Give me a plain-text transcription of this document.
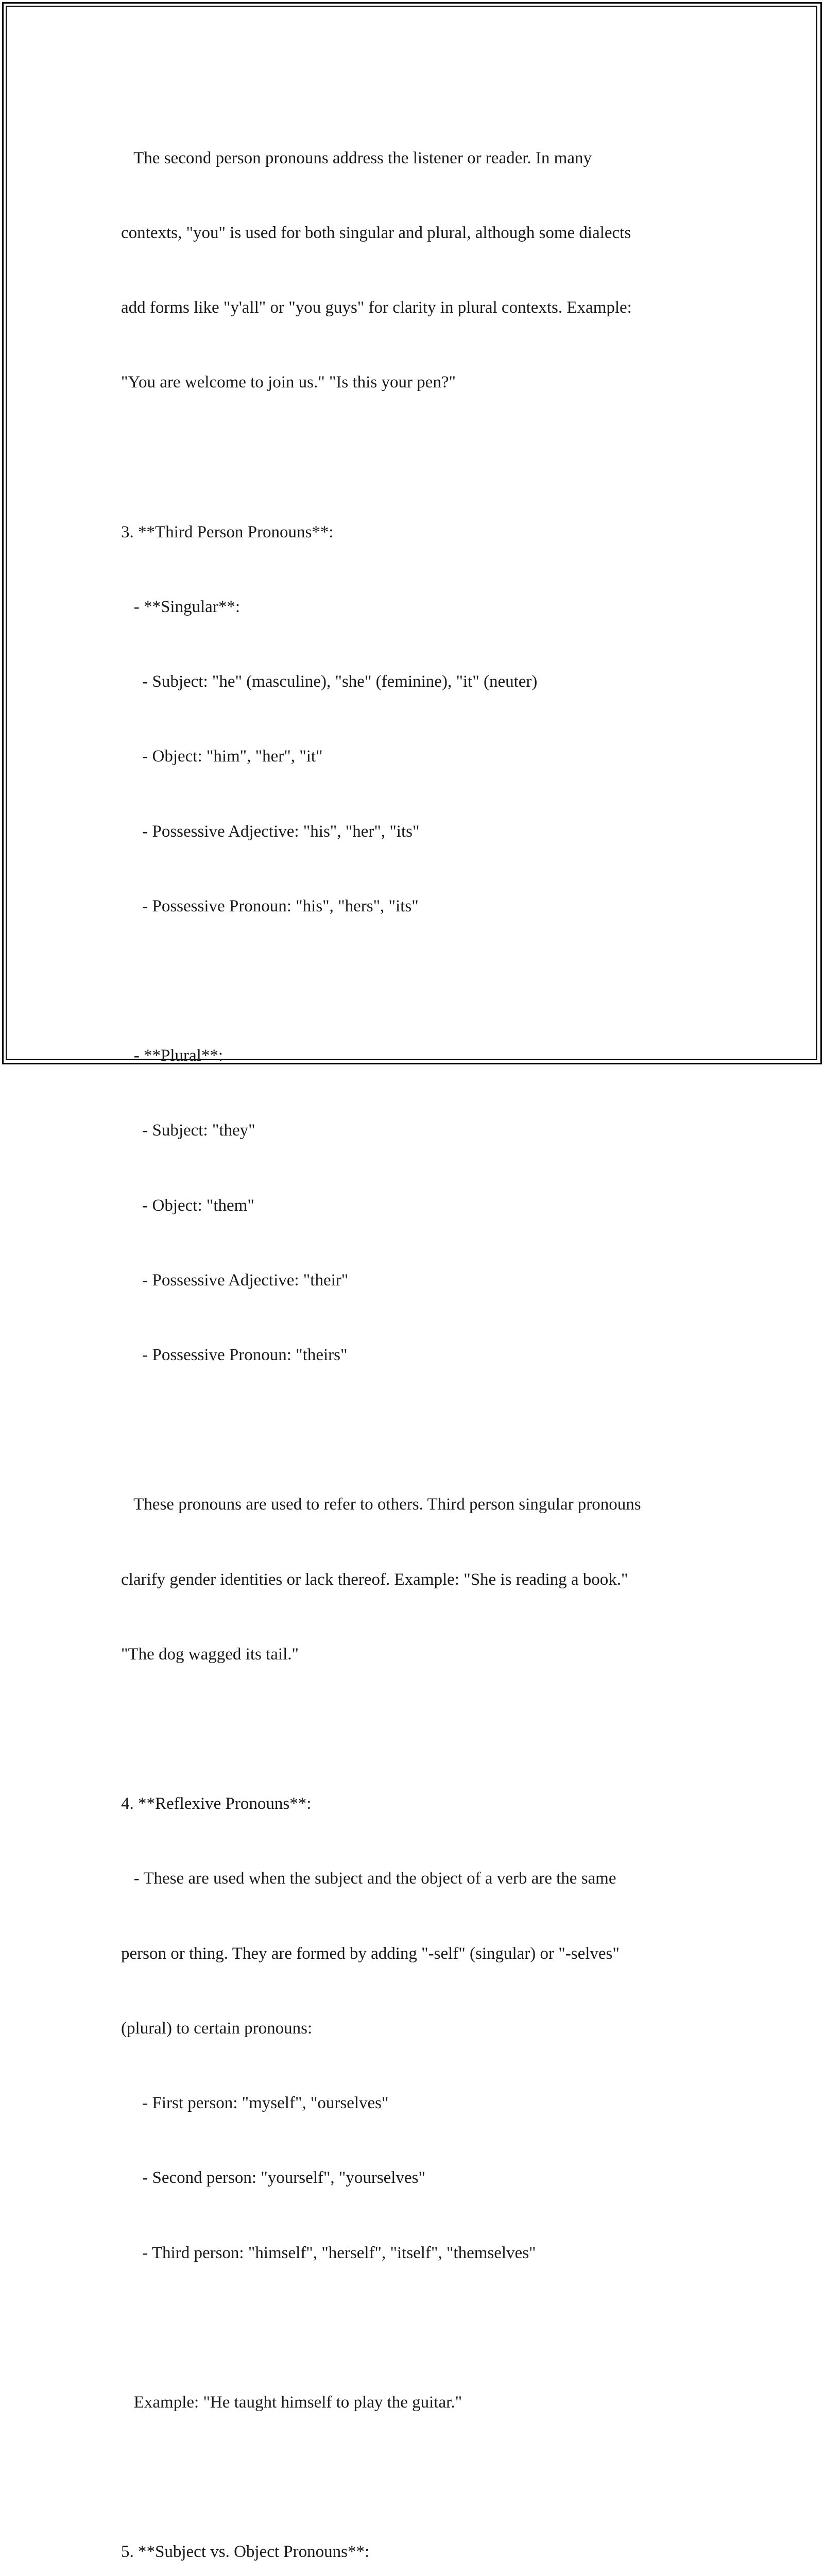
The second person pronouns address the listener or reader. In many

contexts, "you" is used for both singular and plural, although some dialects

add forms like "y'all" or "you guys" for clarity in plural contexts. Example:

"You are welcome to join us." "Is this your pen?"

3. **Third Person Pronouns**:

- **Singular**:

- Subject: "he" (masculine), "she" (feminine), "it" (neuter)

- Object: "him", "her", "it"

- Possessive Adjective: "his", "her", "its"

- Possessive Pronoun: "his", "hers", "its"

- **Plural**:

- Subject: "they"

- Object: "them"

- Possessive Adjective: "their"

- Possessive Pronoun: "theirs"

These pronouns are used to refer to others. Third person singular pronouns

clarify gender identities or lack thereof. Example: "She is reading a book."

"The dog wagged its tail."

4. **Reflexive Pronouns**:

- These are used when the subject and the object of a verb are the same

person or thing. They are formed by adding "-self" (singular) or "-selves"

(plural) to certain pronouns:

- First person: "myself", "ourselves"

- Second person: "yourself", "yourselves"

- Third person: "himself", "herself", "itself", "themselves"

Example: "He taught himself to play the guitar."

5. **Subject vs. Object Pronouns**:
